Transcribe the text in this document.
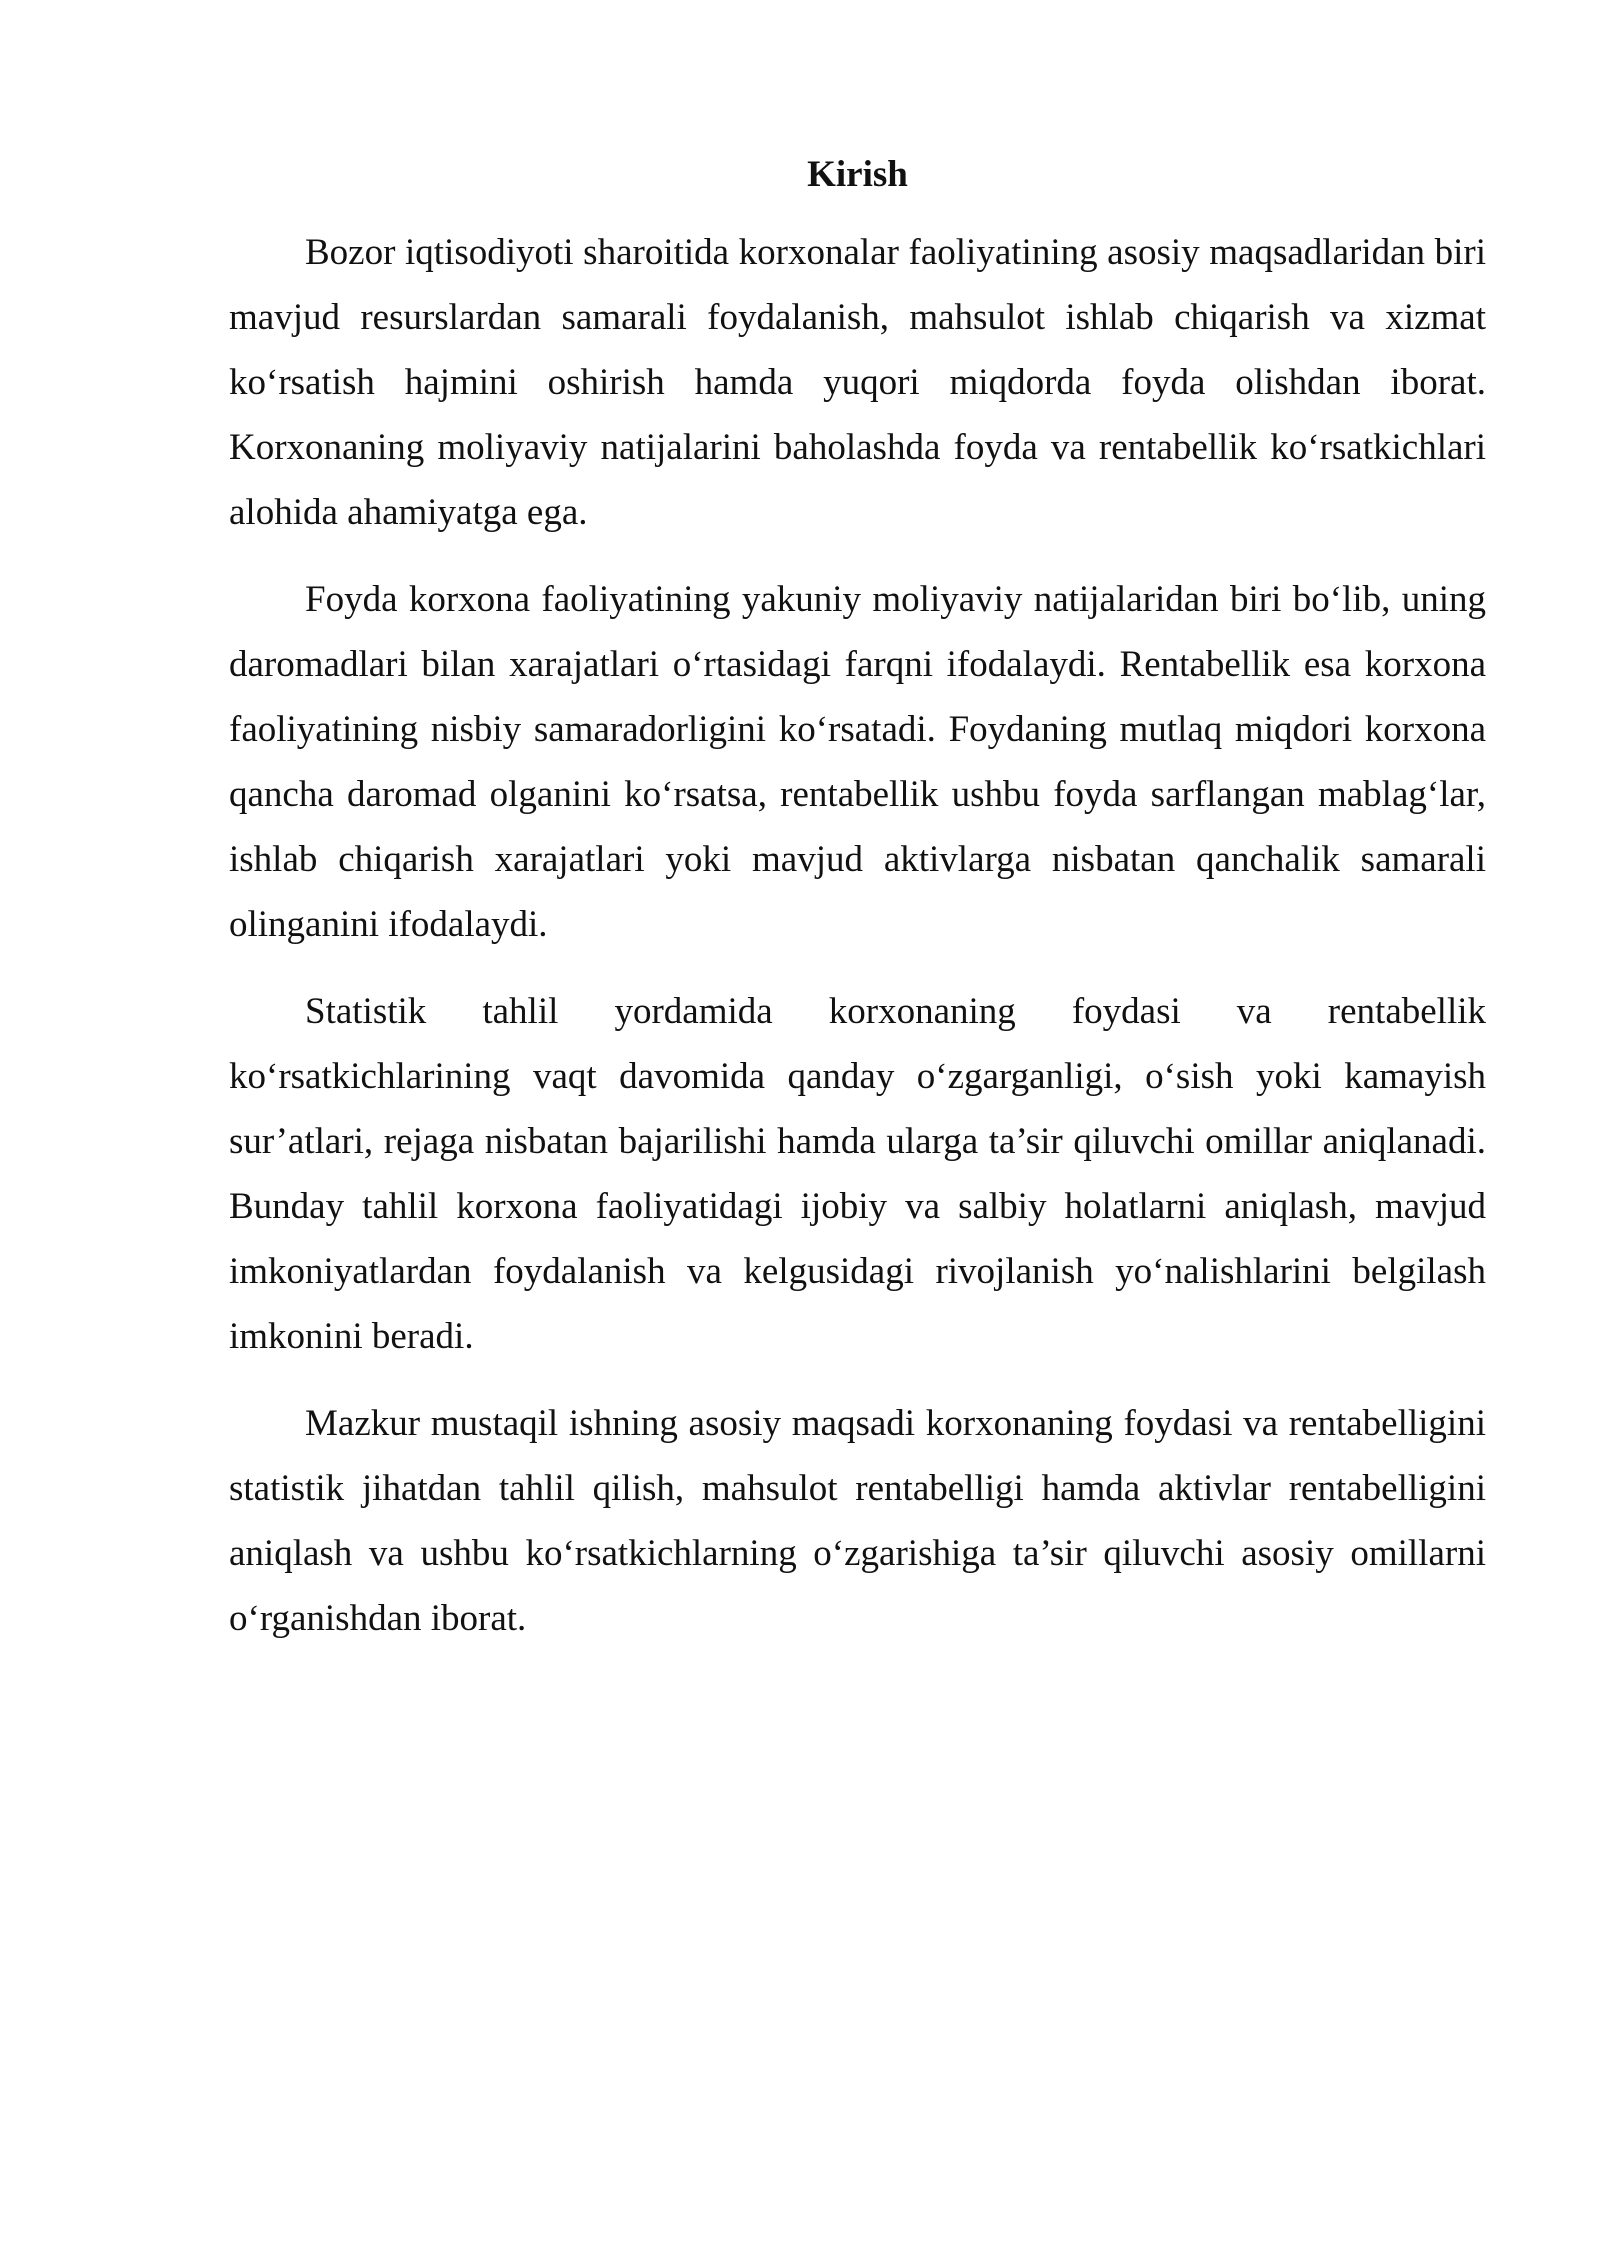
Kirish

Bozor iqtisodiyoti sharoitida korxonalar faoliyatining asosiy maqsadlaridan biri mavjud resurslardan samarali foydalanish, mahsulot ishlab chiqarish va xizmat ko‘rsatish hajmini oshirish hamda yuqori miqdorda foyda olishdan iborat. Korxonaning moliyaviy natijalarini baholashda foyda va rentabellik ko‘rsatkichlari alohida ahamiyatga ega.

Foyda korxona faoliyatining yakuniy moliyaviy natijalaridan biri bo‘lib, uning daromadlari bilan xarajatlari o‘rtasidagi farqni ifodalaydi. Rentabellik esa korxona faoliyatining nisbiy samaradorligini ko‘rsatadi. Foydaning mutlaq miqdori korxona qancha daromad olganini ko‘rsatsa, rentabellik ushbu foyda sarflangan mablag‘lar, ishlab chiqarish xarajatlari yoki mavjud aktivlarga nisbatan qanchalik samarali olinganini ifodalaydi.

Statistik tahlil yordamida korxonaning foydasi va rentabellik ko‘rsatkichlarining vaqt davomida qanday o‘zgarganligi, o‘sish yoki kamayish sur’atlari, rejaga nisbatan bajarilishi hamda ularga ta’sir qiluvchi omillar aniqlanadi. Bunday tahlil korxona faoliyatidagi ijobiy va salbiy holatlarni aniqlash, mavjud imkoniyatlardan foydalanish va kelgusidagi rivojlanish yo‘nalishlarini belgilash imkonini beradi.

Mazkur mustaqil ishning asosiy maqsadi korxonaning foydasi va rentabelligini statistik jihatdan tahlil qilish, mahsulot rentabelligi hamda aktivlar rentabelligini aniqlash va ushbu ko‘rsatkichlarning o‘zgarishiga ta’sir qiluvchi asosiy omillarni o‘rganishdan iborat.
